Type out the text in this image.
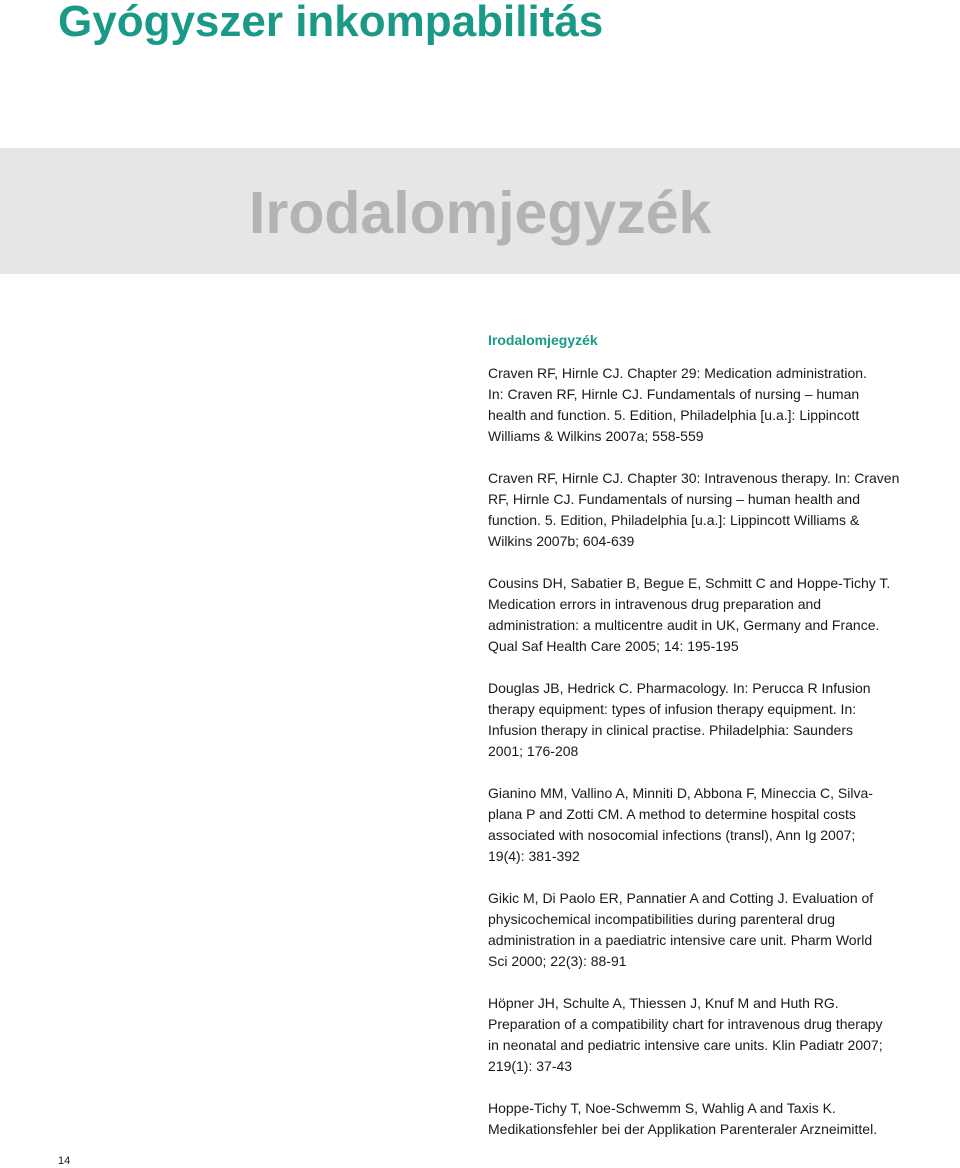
Gyógyszer inkompabilitás
Irodalomjegyzék
Irodalomjegyzék
Craven RF, Hirnle CJ. Chapter 29: Medication administration.
In: Craven RF, Hirnle CJ. Fundamentals of nursing – human
health and function. 5. Edition, Philadelphia [u.a.]: Lippincott
Williams & Wilkins 2007a; 558-559
Craven RF, Hirnle CJ. Chapter 30: Intravenous therapy. In: Craven
RF, Hirnle CJ. Fundamentals of nursing – human health and
function. 5. Edition, Philadelphia [u.a.]: Lippincott Williams &
Wilkins 2007b; 604-639
Cousins DH, Sabatier B, Begue E, Schmitt C and Hoppe-Tichy T.
Medication errors in intravenous drug preparation and
administration: a multicentre audit in UK, Germany and France.
Qual Saf Health Care 2005; 14: 195-195
Douglas JB, Hedrick C. Pharmacology. In: Perucca R Infusion
therapy equipment: types of infusion therapy equipment. In:
Infusion therapy in clinical practise. Philadelphia: Saunders
2001; 176-208
Gianino MM, Vallino A, Minniti D, Abbona F, Mineccia C, Silva-
plana P and Zotti CM. A method to determine hospital costs
associated with nosocomial infections (transl), Ann Ig 2007;
19(4): 381-392
Gikic M, Di Paolo ER, Pannatier A and Cotting J. Evaluation of
physicochemical incompatibilities during parenteral drug
administration in a paediatric intensive care unit. Pharm World
Sci 2000; 22(3): 88-91
Höpner JH, Schulte A, Thiessen J, Knuf M and Huth RG.
Preparation of a compatibility chart for intravenous drug therapy
in neonatal and pediatric intensive care units. Klin Padiatr 2007;
219(1): 37-43
Hoppe-Tichy T, Noe-Schwemm S, Wahlig A and Taxis K.
Medikationsfehler bei der Applikation Parenteraler Arzneimittel.
14
